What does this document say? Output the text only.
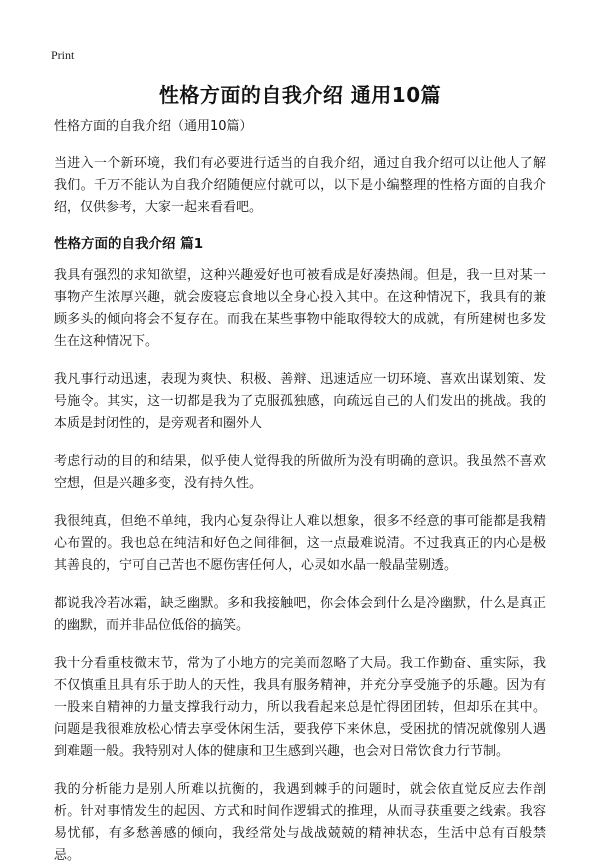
Print
性格方面的自我介绍 通用10篇

性格方面的自我介绍（通用10篇）

当进入一个新环境，我们有必要进行适当的自我介绍，通过自我介绍可以让他人了解我们。千万不能认为自我介绍随便应付就可以，以下是小编整理的性格方面的自我介绍，仅供参考，大家一起来看看吧。

性格方面的自我介绍 篇1

我具有强烈的求知欲望，这种兴趣爱好也可被看成是好凑热闹。但是，我一旦对某一事物产生浓厚兴趣，就会废寝忘食地以全身心投入其中。在这种情况下，我具有的兼顾多头的倾向将会不复存在。而我在某些事物中能取得较大的成就，有所建树也多发生在这种情况下。

我凡事行动迅速，表现为爽快、积极、善辩、迅速适应一切环境、喜欢出谋划策、发号施令。其实，这一切都是我为了克服孤独感，向疏远自己的人们发出的挑战。我的本质是封闭性的，是旁观者和圈外人

考虑行动的目的和结果，似乎使人觉得我的所做所为没有明确的意识。我虽然不喜欢空想，但是兴趣多变，没有持久性。

我很纯真，但绝不单纯，我内心复杂得让人难以想象，很多不经意的事可能都是我精心布置的。我也总在纯洁和好色之间徘徊，这一点最难说清。不过我真正的内心是极其善良的，宁可自己苦也不愿伤害任何人，心灵如水晶一般晶莹剔透。

都说我冷若冰霜，缺乏幽默。多和我接触吧，你会体会到什么是冷幽默，什么是真正的幽默，而并非品位低俗的搞笑。

我十分看重枝微末节，常为了小地方的完美而忽略了大局。我工作勤奋、重实际，我不仅慎重且具有乐于助人的天性，我具有服务精神，并充分享受施予的乐趣。因为有一股来自精神的力量支撑我行动力，所以我看起来总是忙得团团转，但却乐在其中。问题是我很难放松心情去享受休闲生活，要我停下来休息，受困扰的情况就像别人遇到难题一般。我特别对人体的健康和卫生感到兴趣，也会对日常饮食力行节制。

我的分析能力是别人所难以抗衡的，我遇到棘手的问题时，就会依直觉反应去作剖析。针对事情发生的起因、方式和时间作逻辑式的推理，从而寻获重要之线索。我容易忧郁，有多愁善感的倾向，我经常处与战战兢兢的精神状态，生活中总有百般禁忌。
